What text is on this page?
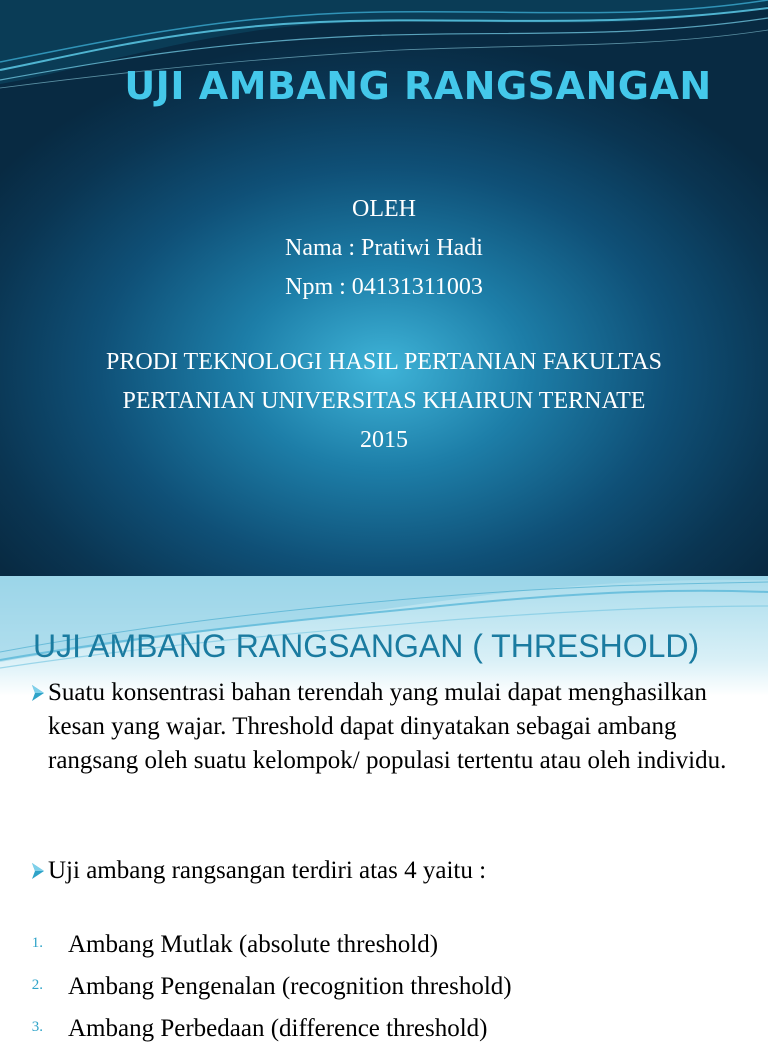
UJI AMBANG RANGSANGAN
OLEH
Nama : Pratiwi Hadi
Npm : 04131311003
PRODI TEKNOLOGI HASIL PERTANIAN FAKULTAS
PERTANIAN UNIVERSITAS KHAIRUN TERNATE
2015
UJI AMBANG RANGSANGAN ( THRESHOLD)
Suatu konsentrasi bahan terendah yang mulai dapat menghasilkan kesan yang wajar. Threshold dapat dinyatakan sebagai ambang rangsang oleh suatu kelompok/ populasi tertentu atau oleh individu.
Uji ambang rangsangan terdiri atas 4 yaitu :
1. Ambang Mutlak (absolute threshold)
2. Ambang Pengenalan (recognition threshold)
3. Ambang Perbedaan (difference threshold)
